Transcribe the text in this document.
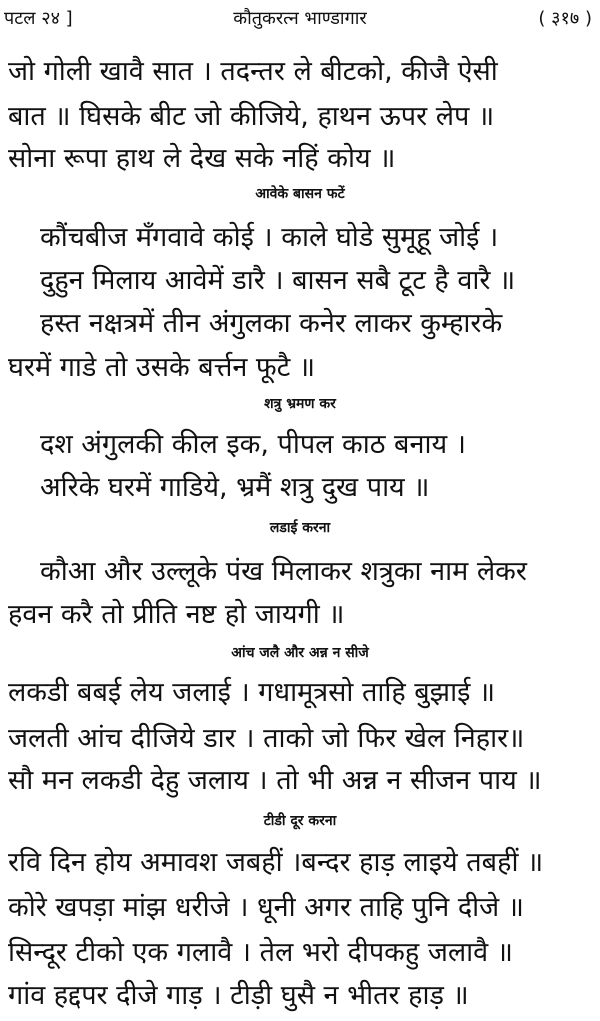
पटल २४ ]	कौतुकरत्न भाण्डागार	( ३१७ )
जो गोली खावै सात । तदन्तर ले बीटको, कीजै ऐसी
बात ॥ घिसके बीट जो कीजिये, हाथन ऊपर लेप ॥
सोना रूपा हाथ ले देख सके नहिं कोय ॥
आवेके बासन फटें
कौंचबीज मँगवावे कोई । काले घोडे सुमूहू जोई ।
दुहुन मिलाय आवेमें डारै । बासन सबै टूट है वारै ॥
हस्त नक्षत्रमें तीन अंगुलका कनेर लाकर कुम्हारके
घरमें गाडे तो उसके बर्त्तन फूटै ॥
शत्रु भ्रमण कर
दश अंगुलकी कील इक, पीपल काठ बनाय ।
अरिके घरमें गाडिये, भ्रमैं शत्रु दुख पाय ॥
लडाई करना
कौआ और उल्लूके पंख मिलाकर शत्रुका नाम लेकर
हवन करै तो प्रीति नष्ट हो जायगी ॥
आंच जलै और अन्न न सीजे
लकडी बबई लेय जलाई । गधामूत्रसो ताहि बुझाई ॥
जलती आंच दीजिये डार । ताको जो फिर खेल निहार॥
सौ मन लकडी देहु जलाय । तो भी अन्न न सीजन पाय ॥
टीडी दूर करना
रवि दिन होय अमावश जबहीं ।बन्दर हाड़ लाइये तबहीं ॥
कोरे खपड़ा मांझ धरीजे । धूनी अगर ताहि पुनि दीजे ॥
सिन्दूर टीको एक गलावै । तेल भरो दीपकहु जलावै ॥
गांव हद्दपर दीजे गाड़ । टीड़ी घुसै न भीतर हाड़ ॥
